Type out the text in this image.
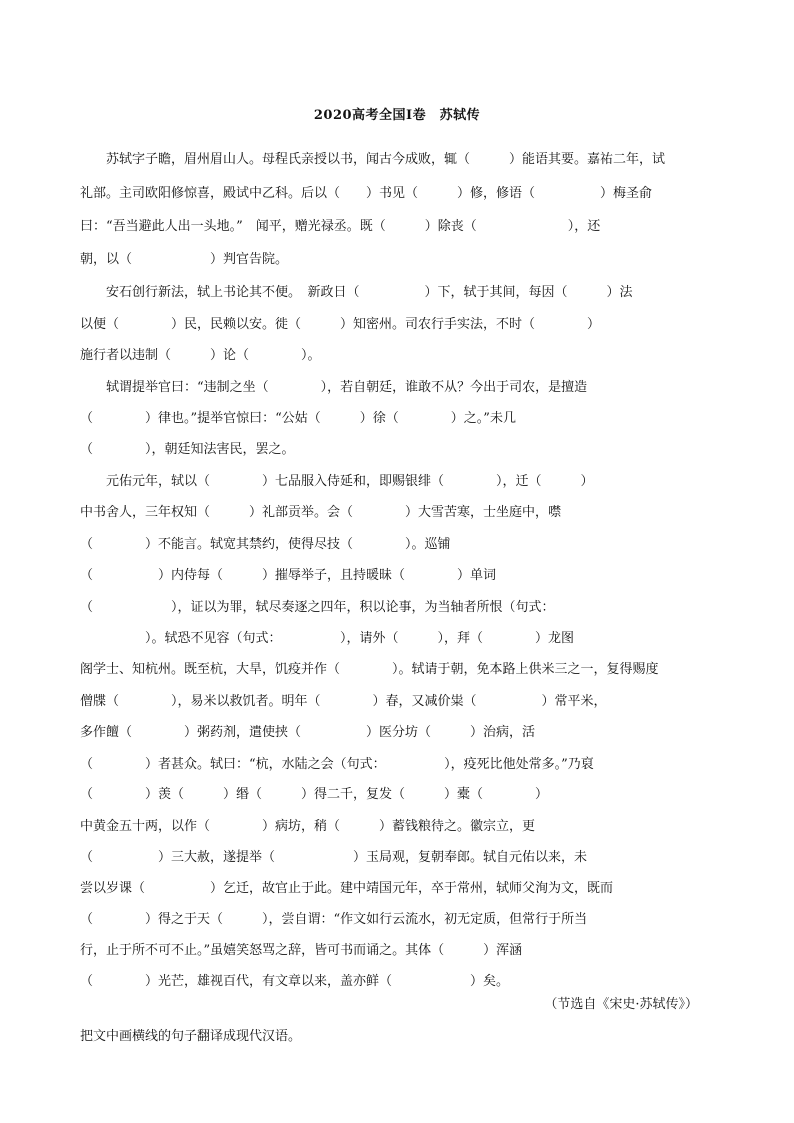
2020高考全国Ⅰ卷　苏轼传
　　苏轼字子瞻，眉州眉山人。母程氏亲授以书，闻古今成败，辄（　　　）能语其要。嘉祐二年，试
礼部。主司欧阳修惊喜，殿试中乙科。后以（　　）书见（　　　）修，修语（　　　　　）梅圣俞
曰：“吾当避此人出一头地。”　闻平，赠光禄丞。既（　　　）除丧（　　　　　　　），还
朝，以（　　　　　　）判官告院。
　　安石创行新法，轼上书论其不便。　新政日（　　　　　）下，轼于其间，每因（　　　）法
以便（　　　　）民，民赖以安。徙（　　　）知密州。司农行手实法，不时（　　　　）
施行者以违制（　　　）论（　　　　）。
　　轼谓提举官曰：“违制之坐（　　　　），若自朝廷，谁敢不从？今出于司农，是擅造
（　　　　）律也。”提举官惊曰：“公姑（　　　）徐（　　　　）之。”未几
（　　　　），朝廷知法害民，罢之。
　　元佑元年，轼以（　　　　）七品服入侍延和，即赐银绯（　　　　），迁（　　　）
中书舍人，三年权知（　　　）礼部贡举。会（　　　　）大雪苦寒，士坐庭中，噤
（　　　　）不能言。轼宽其禁约，使得尽技（　　　　）。巡铺
（　　　　　）内侍每（　　　）摧辱举子，且持暖昧（　　　　）单词
（　　　　　　），证以为罪，轼尽奏逐之四年，积以论事，为当轴者所恨（句式：
　　　　　）。轼恐不见容（句式：　　　　　），请外（　　　），拜（　　　　）龙图
阁学士、知杭州。既至杭，大旱，饥疫并作（　　　　）。轼请于朝，免本路上供米三之一，复得赐度
僧牒（　　　　），易米以救饥者。明年（　　　　）春，又减价粜（　　　　　）常平米，
多作饘（　　　　）粥药剂，遣使挟（　　　　　）医分坊（　　　）治病，活
（　　　　）者甚众。轼曰：“杭，水陆之会（句式：　　　　　），疫死比他处常多。”乃裒
（　　　　）羡（　　　）缗（　　　）得二千，复发（　　　）橐（　　　　）
中黄金五十两，以作（　　　　）病坊，稍（　　　）蓄钱粮待之。徽宗立，更
（　　　　　）三大赦，遂提举（　　　　　　）玉局观，复朝奉郎。轼自元佑以来，未
尝以岁课（　　　　　）乞迁，故官止于此。建中靖国元年，卒于常州，轼师父洵为文，既而
（　　　　）得之于天（　　　），尝自谓：“作文如行云流水，初无定质，但常行于所当
行，止于所不可不止。”虽嬉笑怒骂之辞，皆可书而诵之。其体（　　　）浑涵
（　　　　）光芒，雄视百代，有文章以来，盖亦鲜（　　　　　　）矣。
（节选自《宋史·苏轼传》）
把文中画横线的句子翻译成现代汉语。
